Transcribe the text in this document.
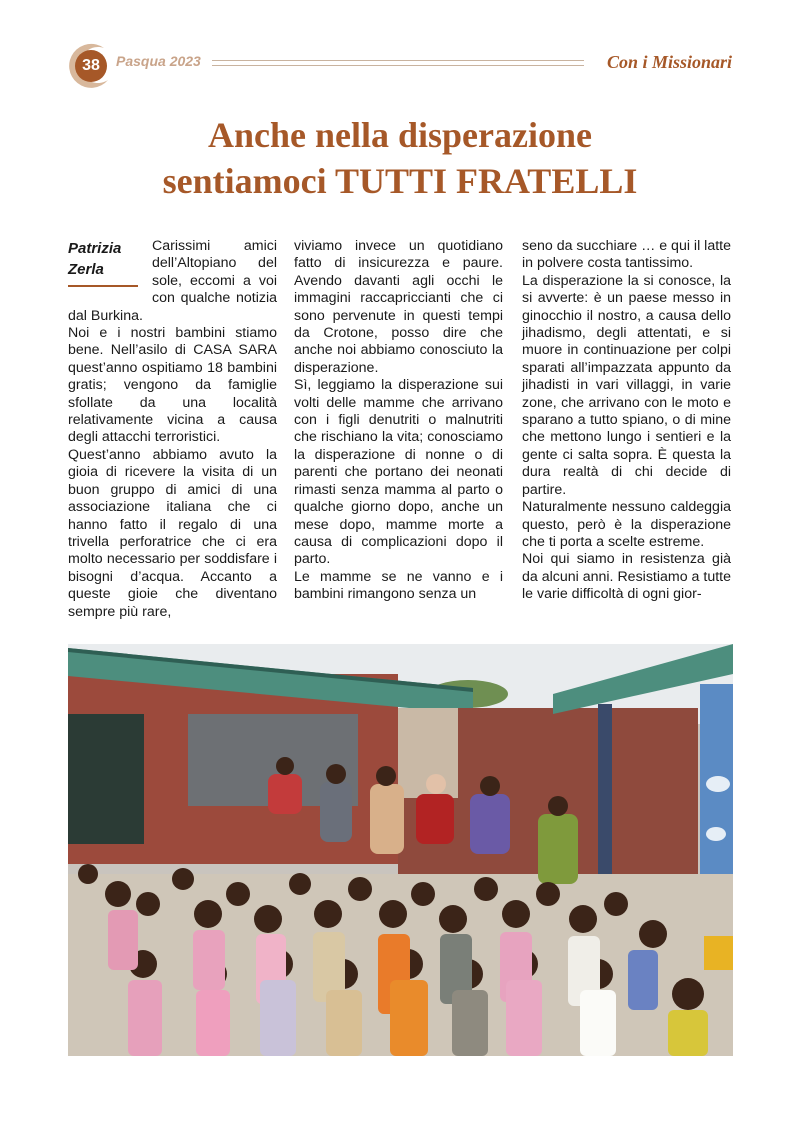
38	Pasqua 2023	Con i Missionari
Anche nella disperazione
sentiamoci TUTTI FRATELLI
Patrizia
Zerla

Carissimi amici dell’Altopiano del sole, eccomi a voi con qualche notizia dal Burkina.

Noi e i nostri bambini stiamo bene. Nell’asilo di CASA SARA quest’anno ospitiamo 18 bambini gratis; vengono da famiglie sfollate da una località relativamente vicina a causa degli attacchi terroristici.

Quest’anno abbiamo avuto la gioia di ricevere la visita di un buon gruppo di amici di una associazione italiana che ci hanno fatto il regalo di una trivella perforatrice che ci era molto necessario per soddisfare i bisogni d’acqua. Accanto a queste gioie che diventano sempre più rare,

viviamo invece un quotidiano fatto di insicurezza e paure. Avendo davanti agli occhi le immagini raccapriccianti che ci sono pervenute in questi tempi da Crotone, posso dire che anche noi abbiamo conosciuto la disperazione.

Sì, leggiamo la disperazione sui volti delle mamme che arrivano con i figli denutriti o malnutriti che rischiano la vita; conosciamo la disperazione di nonne o di parenti che portano dei neonati rimasti senza mamma al parto o qualche giorno dopo, anche un mese dopo, mamme morte a causa di complicazioni dopo il parto.

Le mamme se ne vanno e i bambini rimangono senza un

seno da succhiare … e qui il latte in polvere costa tantissimo.

La disperazione la si conosce, la si avverte: è un paese messo in ginocchio il nostro, a causa dello jihadismo, degli attentati, e si muore in continuazione per colpi sparati all’impazzata appunto da jihadisti in vari villaggi, in varie zone, che arrivano con le moto e sparano a tutto spiano, o di mine che mettono lungo i sentieri e la gente ci salta sopra. È questa la dura realtà di chi decide di partire.

Naturalmente nessuno caldeggia questo, però è la disperazione che ti porta a scelte estreme.

Noi qui siamo in resistenza già da alcuni anni. Resistiamo a tutte le varie difficoltà di ogni gior-
